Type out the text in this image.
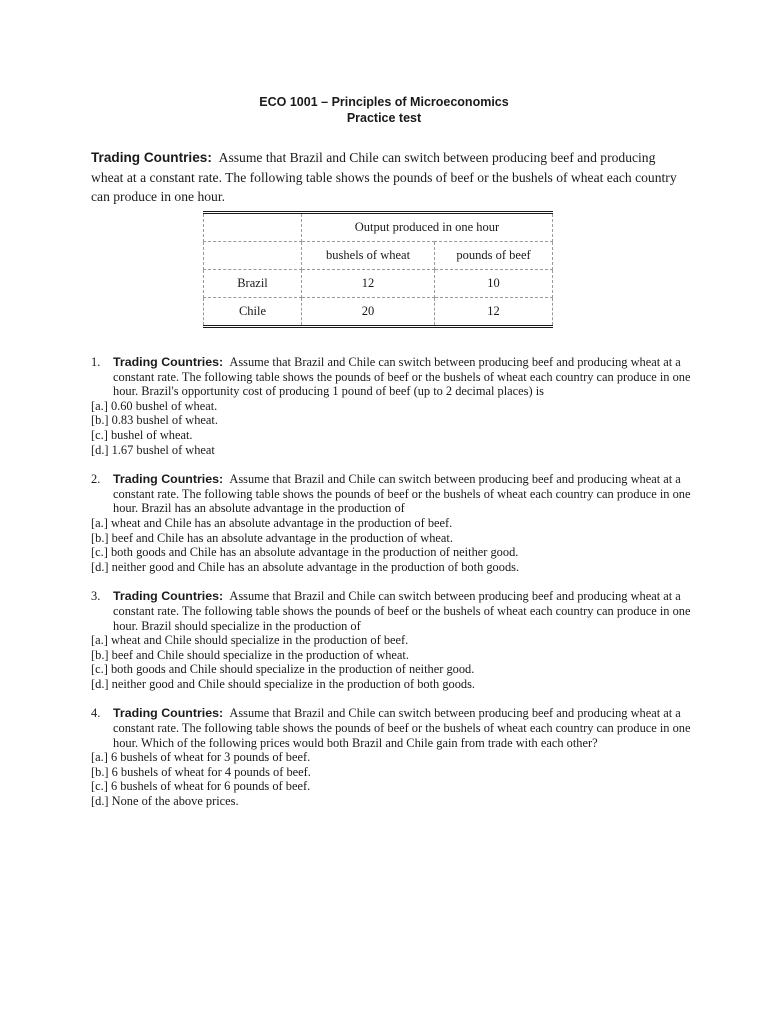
ECO 1001 – Principles of Microeconomics
Practice test
Trading Countries: Assume that Brazil and Chile can switch between producing beef and producing wheat at a constant rate. The following table shows the pounds of beef or the bushels of wheat each country can produce in one hour.
	Output produced in one hour	
	bushels of wheat	pounds of beef
Brazil	12	10
Chile	20	12
1.	Trading Countries: Assume that Brazil and Chile can switch between producing beef and producing wheat at a constant rate. The following table shows the pounds of beef or the bushels of wheat each country can produce in one hour. Brazil's opportunity cost of producing 1 pound of beef (up to 2 decimal places) is
[a.] 0.60 bushel of wheat.
[b.] 0.83 bushel of wheat.
[c.] bushel of wheat.
[d.] 1.67 bushel of wheat
2.	Trading Countries: Assume that Brazil and Chile can switch between producing beef and producing wheat at a constant rate. The following table shows the pounds of beef or the bushels of wheat each country can produce in one hour. Brazil has an absolute advantage in the production of
[a.] wheat and Chile has an absolute advantage in the production of beef.
[b.] beef and Chile has an absolute advantage in the production of wheat.
[c.] both goods and Chile has an absolute advantage in the production of neither good.
[d.] neither good and Chile has an absolute advantage in the production of both goods.
3.	Trading Countries: Assume that Brazil and Chile can switch between producing beef and producing wheat at a constant rate. The following table shows the pounds of beef or the bushels of wheat each country can produce in one hour. Brazil should specialize in the production of
[a.] wheat and Chile should specialize in the production of beef.
[b.] beef and Chile should specialize in the production of wheat.
[c.] both goods and Chile should specialize in the production of neither good.
[d.] neither good and Chile should specialize in the production of both goods.
4.	Trading Countries: Assume that Brazil and Chile can switch between producing beef and producing wheat at a constant rate. The following table shows the pounds of beef or the bushels of wheat each country can produce in one hour. Which of the following prices would both Brazil and Chile gain from trade with each other?
[a.] 6 bushels of wheat for 3 pounds of beef.
[b.] 6 bushels of wheat for 4 pounds of beef.
[c.] 6 bushels of wheat for 6 pounds of beef.
[d.] None of the above prices.
